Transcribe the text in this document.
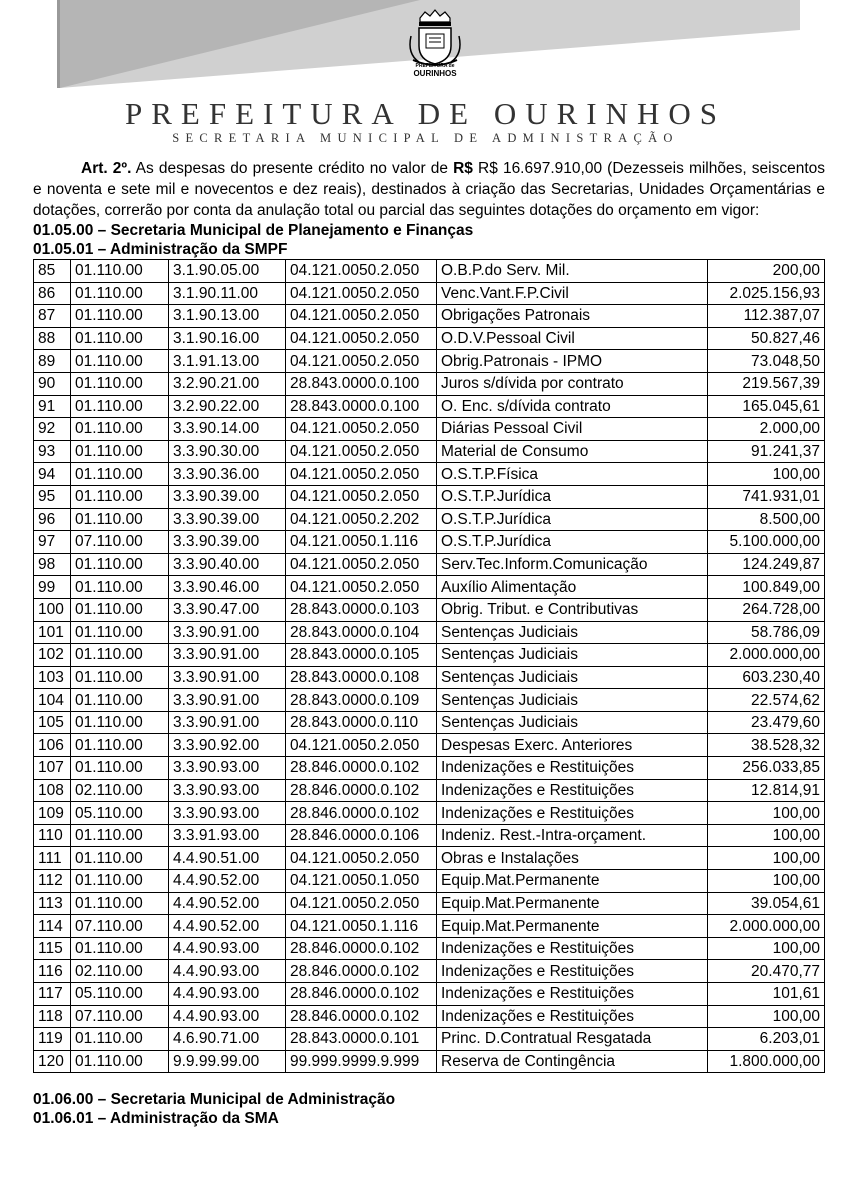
PREFEITURA de
OURINHOS
PREFEITURA DE OURINHOS
SECRETARIA MUNICIPAL DE ADMINISTRAÇÃO

Art. 2º. As despesas do presente crédito no valor de R$ R$ 16.697.910,00 (Dezesseis milhões, seiscentos e noventa e sete mil e novecentos e dez reais), destinados à criação das Secretarias, Unidades Orçamentárias e dotações, correrão por conta da anulação total ou parcial das seguintes dotações do orçamento em vigor:

01.05.00 – Secretaria Municipal de Planejamento e Finanças
01.05.01 – Administração da SMPF
85	01.110.00	3.1.90.05.00	04.121.0050.2.050	O.B.P.do Serv. Mil.	200,00
86	01.110.00	3.1.90.11.00	04.121.0050.2.050	Venc.Vant.F.P.Civil	2.025.156,93
87	01.110.00	3.1.90.13.00	04.121.0050.2.050	Obrigações Patronais	112.387,07
88	01.110.00	3.1.90.16.00	04.121.0050.2.050	O.D.V.Pessoal Civil	50.827,46
89	01.110.00	3.1.91.13.00	04.121.0050.2.050	Obrig.Patronais - IPMO	73.048,50
90	01.110.00	3.2.90.21.00	28.843.0000.0.100	Juros s/dívida por contrato	219.567,39
91	01.110.00	3.2.90.22.00	28.843.0000.0.100	O. Enc. s/dívida contrato	165.045,61
92	01.110.00	3.3.90.14.00	04.121.0050.2.050	Diárias Pessoal Civil	2.000,00
93	01.110.00	3.3.90.30.00	04.121.0050.2.050	Material de Consumo	91.241,37
94	01.110.00	3.3.90.36.00	04.121.0050.2.050	O.S.T.P.Física	100,00
95	01.110.00	3.3.90.39.00	04.121.0050.2.050	O.S.T.P.Jurídica	741.931,01
96	01.110.00	3.3.90.39.00	04.121.0050.2.202	O.S.T.P.Jurídica	8.500,00
97	07.110.00	3.3.90.39.00	04.121.0050.1.116	O.S.T.P.Jurídica	5.100.000,00
98	01.110.00	3.3.90.40.00	04.121.0050.2.050	Serv.Tec.Inform.Comunicação	124.249,87
99	01.110.00	3.3.90.46.00	04.121.0050.2.050	Auxílio Alimentação	100.849,00
100	01.110.00	3.3.90.47.00	28.843.0000.0.103	Obrig. Tribut. e Contributivas	264.728,00
101	01.110.00	3.3.90.91.00	28.843.0000.0.104	Sentenças Judiciais	58.786,09
102	01.110.00	3.3.90.91.00	28.843.0000.0.105	Sentenças Judiciais	2.000.000,00
103	01.110.00	3.3.90.91.00	28.843.0000.0.108	Sentenças Judiciais	603.230,40
104	01.110.00	3.3.90.91.00	28.843.0000.0.109	Sentenças Judiciais	22.574,62
105	01.110.00	3.3.90.91.00	28.843.0000.0.110	Sentenças Judiciais	23.479,60
106	01.110.00	3.3.90.92.00	04.121.0050.2.050	Despesas Exerc. Anteriores	38.528,32
107	01.110.00	3.3.90.93.00	28.846.0000.0.102	Indenizações e Restituições	256.033,85
108	02.110.00	3.3.90.93.00	28.846.0000.0.102	Indenizações e Restituições	12.814,91
109	05.110.00	3.3.90.93.00	28.846.0000.0.102	Indenizações e Restituições	100,00
110	01.110.00	3.3.91.93.00	28.846.0000.0.106	Indeniz. Rest.-Intra-orçament.	100,00
111	01.110.00	4.4.90.51.00	04.121.0050.2.050	Obras e Instalações	100,00
112	01.110.00	4.4.90.52.00	04.121.0050.1.050	Equip.Mat.Permanente	100,00
113	01.110.00	4.4.90.52.00	04.121.0050.2.050	Equip.Mat.Permanente	39.054,61
114	07.110.00	4.4.90.52.00	04.121.0050.1.116	Equip.Mat.Permanente	2.000.000,00
115	01.110.00	4.4.90.93.00	28.846.0000.0.102	Indenizações e Restituições	100,00
116	02.110.00	4.4.90.93.00	28.846.0000.0.102	Indenizações e Restituições	20.470,77
117	05.110.00	4.4.90.93.00	28.846.0000.0.102	Indenizações e Restituições	101,61
118	07.110.00	4.4.90.93.00	28.846.0000.0.102	Indenizações e Restituições	100,00
119	01.110.00	4.6.90.71.00	28.843.0000.0.101	Princ. D.Contratual Resgatada	6.203,01
120	01.110.00	9.9.99.99.00	99.999.9999.9.999	Reserva de Contingência	1.800.000,00
01.06.00 – Secretaria Municipal de Administração
01.06.01 – Administração da SMA
